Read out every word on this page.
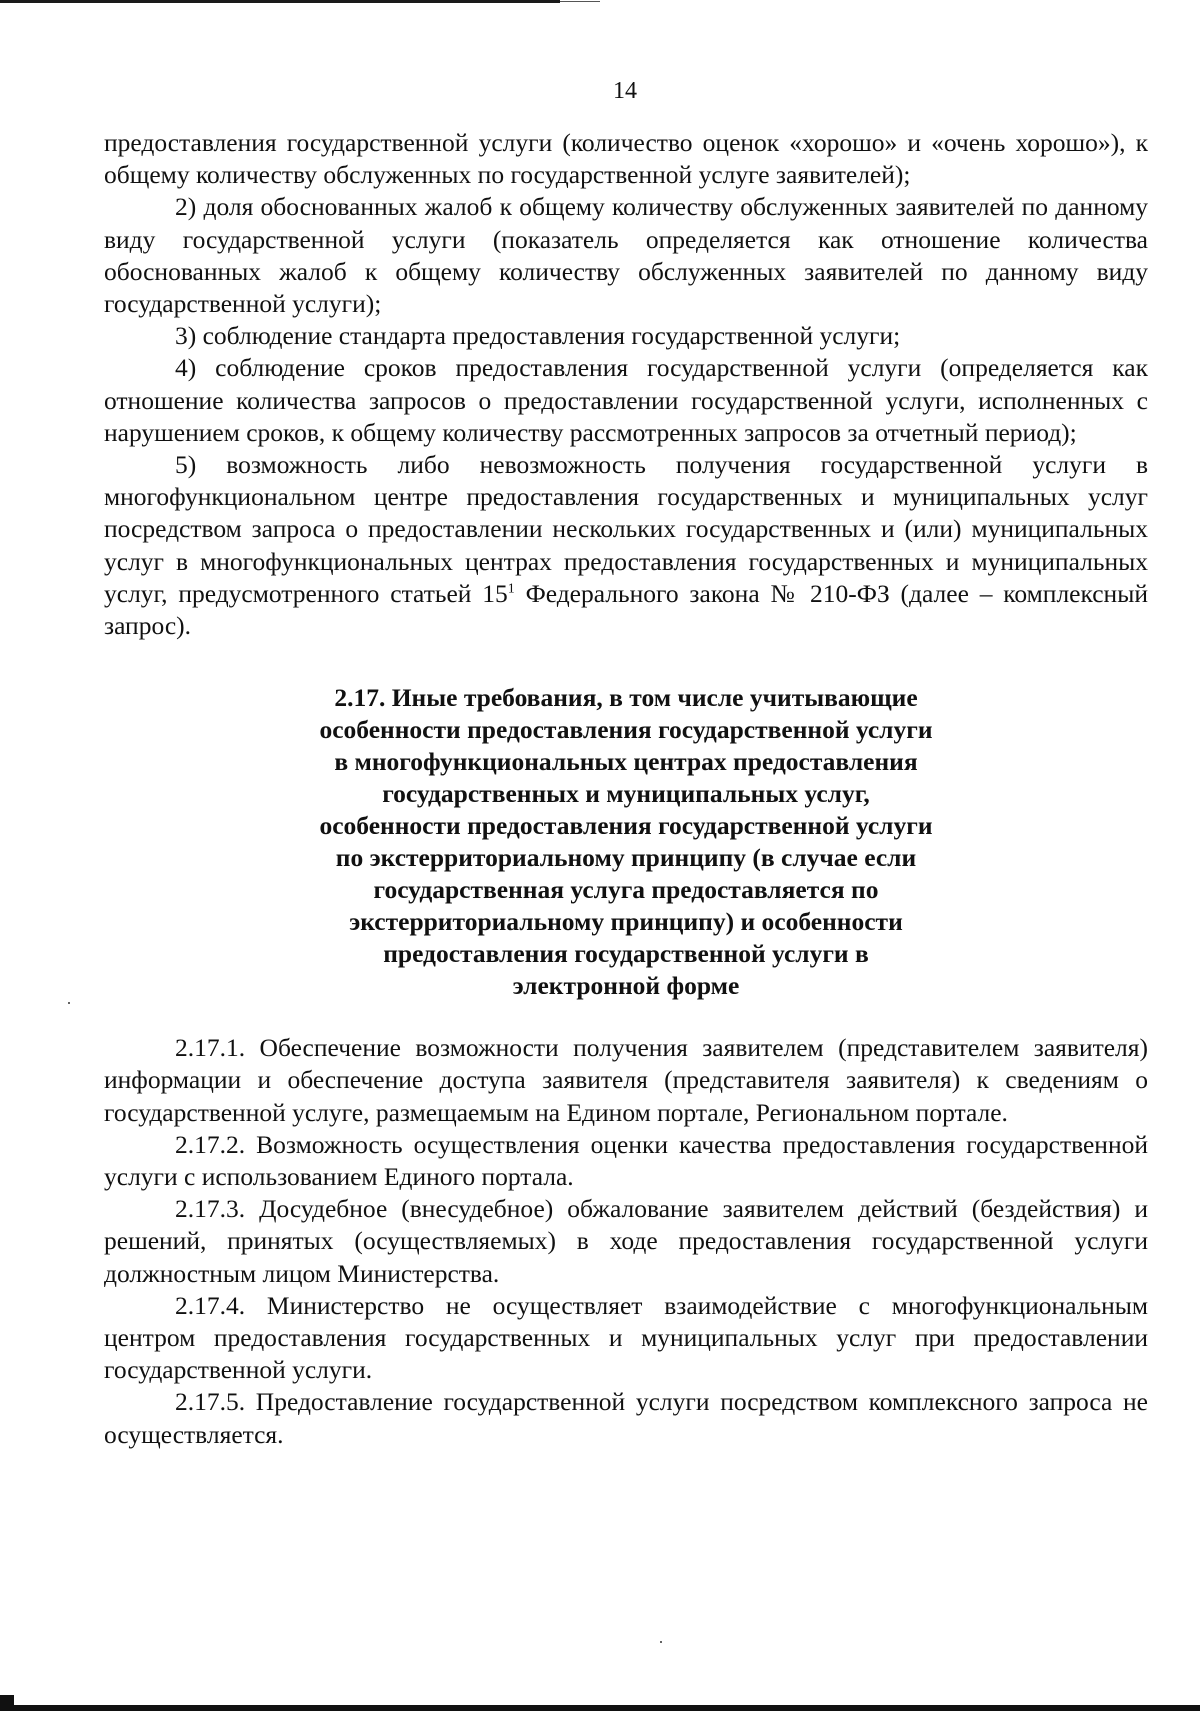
14

предоставления государственной услуги (количество оценок «хорошо» и «очень хорошо»), к общему количеству обслуженных по государственной услуге заявителей);

2) доля обоснованных жалоб к общему количеству обслуженных заявителей по данному виду государственной услуги (показатель определяется как отношение количества обоснованных жалоб к общему количеству обслуженных заявителей по данному виду государственной услуги);

3) соблюдение стандарта предоставления государственной услуги;

4) соблюдение сроков предоставления государственной услуги (определяется как отношение количества запросов о предоставлении государственной услуги, исполненных с нарушением сроков, к общему количеству рассмотренных запросов за отчетный период);

5) возможность либо невозможность получения государственной услуги в многофункциональном центре предоставления государственных и муниципальных услуг посредством запроса о предоставлении нескольких государственных и (или) муниципальных услуг в многофункциональных центрах предоставления государственных и муниципальных услуг, предусмотренного статьей $15^1$ Федерального закона № 210-ФЗ (далее – комплексный запрос).

2.17. Иные требования, в том числе учитывающие
особенности предоставления государственной услуги
в многофункциональных центрах предоставления
государственных и муниципальных услуг,
особенности предоставления государственной услуги
по экстерриториальному принципу (в случае если
государственная услуга предоставляется по
экстерриториальному принципу) и особенности
предоставления государственной услуги в
электронной форме

2.17.1. Обеспечение возможности получения заявителем (представителем заявителя) информации и обеспечение доступа заявителя (представителя заявителя) к сведениям о государственной услуге, размещаемым на Едином портале, Региональном портале.

2.17.2. Возможность осуществления оценки качества предоставления государственной услуги с использованием Единого портала.

2.17.3. Досудебное (внесудебное) обжалование заявителем действий (бездействия) и решений, принятых (осуществляемых) в ходе предоставления государственной услуги должностным лицом Министерства.

2.17.4. Министерство не осуществляет взаимодействие с многофункциональным центром предоставления государственных и муниципальных услуг при предоставлении государственной услуги.

2.17.5. Предоставление государственной услуги посредством комплексного запроса не осуществляется.
